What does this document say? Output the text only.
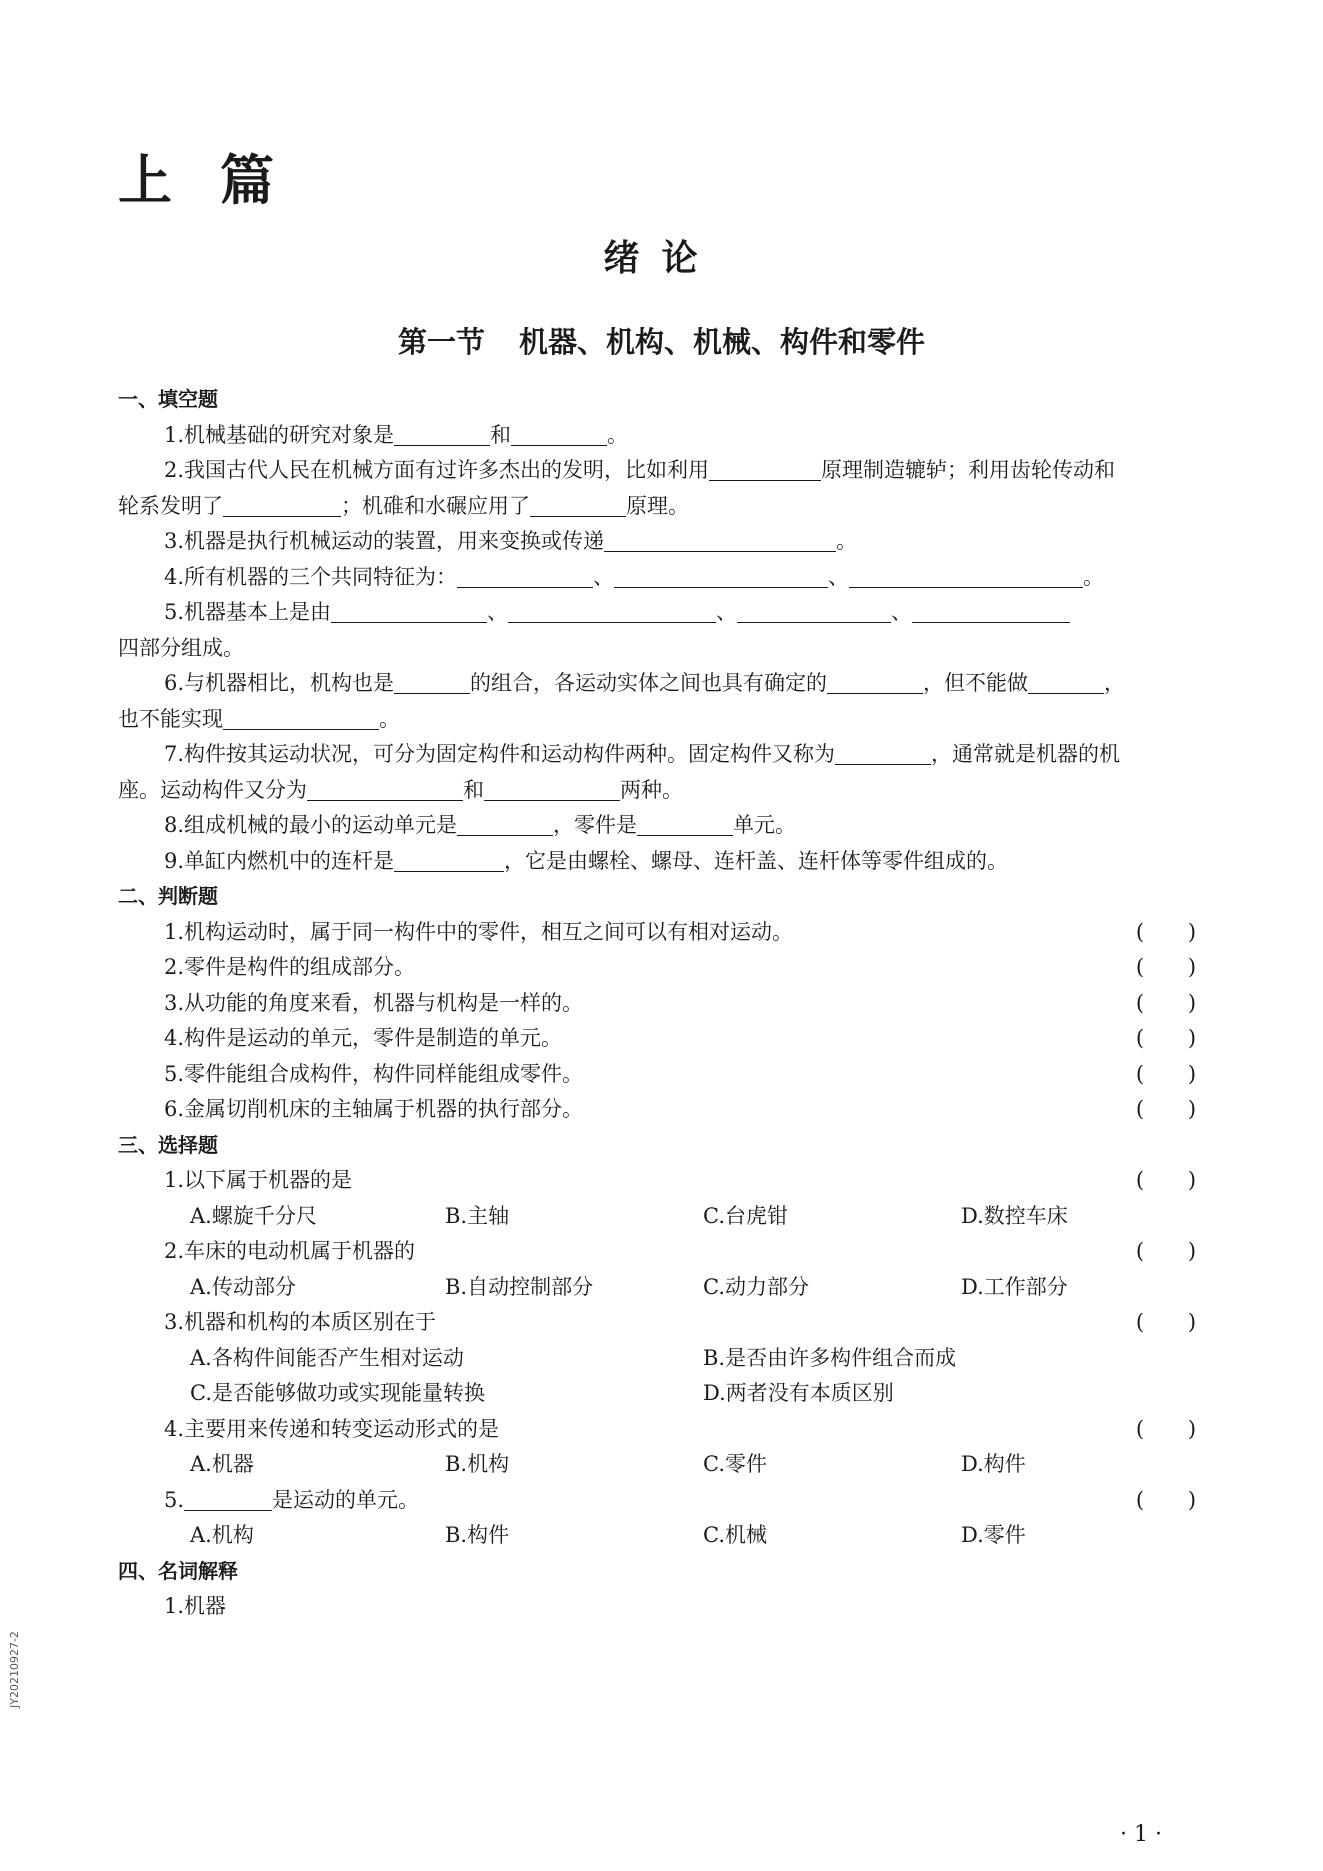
上篇
绪论
第一节 机器、机构、机械、构件和零件
一、填空题
1.机械基础的研究对象是	和	。
2.我国古代人民在机械方面有过许多杰出的发明，比如利用	原理制造辘轳；利用齿轮传动和
轮系发明了	；机碓和水碾应用了	原理。
3.机器是执行机械运动的装置，用来变换或传递	。
4.所有机器的三个共同特征为：	、	、	。
5.机器基本上是由	、	、	、
四部分组成。
6.与机器相比，机构也是	的组合，各运动实体之间也具有确定的	，但不能做	，
也不能实现	。
7.构件按其运动状况，可分为固定构件和运动构件两种。固定构件又称为	，通常就是机器的机
座。运动构件又分为	和	两种。
8.组成机械的最小的运动单元是	，零件是	单元。
9.单缸内燃机中的连杆是	，它是由螺栓、螺母、连杆盖、连杆体等零件组成的。
二、判断题
1.机构运动时，属于同一构件中的零件，相互之间可以有相对运动。	( )
2.零件是构件的组成部分。	( )
3.从功能的角度来看，机器与机构是一样的。	( )
4.构件是运动的单元，零件是制造的单元。	( )
5.零件能组合成构件，构件同样能组成零件。	( )
6.金属切削机床的主轴属于机器的执行部分。	( )
三、选择题
1.以下属于机器的是	( )
A.螺旋千分尺	B.主轴	C.台虎钳	D.数控车床
2.车床的电动机属于机器的	( )
A.传动部分	B.自动控制部分	C.动力部分	D.工作部分
3.机器和机构的本质区别在于	( )
A.各构件间能否产生相对运动	B.是否由许多构件组合而成
C.是否能够做功或实现能量转换	D.两者没有本质区别
4.主要用来传递和转变运动形式的是	( )
A.机器	B.机构	C.零件	D.构件
5.	是运动的单元。	( )
A.机构	B.构件	C.机械	D.零件
四、名词解释
1.机器
JY20210927-2
· 1 ·
